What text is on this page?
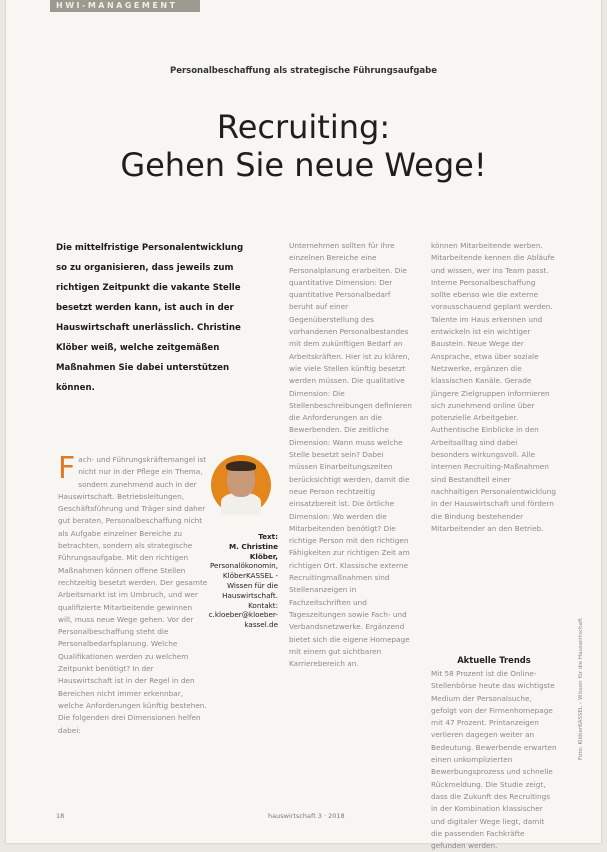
HWI-MANAGEMENT
Personalbeschaffung als strategische Führungsaufgabe
Recruiting:
Gehen Sie neue Wege!
Die mittelfristige Personalentwicklung so zu organisieren, dass jeweils zum richtigen Zeitpunkt die vakante Stelle besetzt werden kann, ist auch in der Hauswirtschaft unerlässlich. Christine Klöber weiß, welche zeitgemäßen Maßnahmen Sie dabei unterstützen können.

Fach- und Führungskräftemangel ist nicht nur in der Pflege ein Thema, sondern zunehmend auch in der Hauswirtschaft. Betriebsleitungen, Geschäftsführung und Träger sind daher gut beraten, Personalbeschaffung nicht als Aufgabe einzelner Bereiche zu betrachten, sondern als strategische Führungsaufgabe. Mit den richtigen Maßnahmen können offene Stellen rechtzeitig besetzt werden. Der gesamte Arbeitsmarkt ist im Umbruch, und wer qualifizierte Mitarbeitende gewinnen will, muss neue Wege gehen. Vor der Personalbeschaffung steht die Personalbedarfsplanung. Welche Qualifikationen werden zu welchem Zeitpunkt benötigt? In der Hauswirtschaft ist in der Regel in den Bereichen nicht immer erkennbar, welche Anforderungen künftig bestehen. Die folgenden drei Dimensionen helfen dabei:

Text:
M. Christine Klöber,
Personalökonomin, KlöberKASSEL - Wissen für die Hauswirtschaft.
Kontakt: c.kloeber@kloeber-kassel.de

Unternehmen sollten für ihre einzelnen Bereiche eine Personalplanung erarbeiten. Die quantitative Dimension: Der quantitative Personalbedarf beruht auf einer Gegenüberstellung des vorhandenen Personalbestandes mit dem zukünftigen Bedarf an Arbeitskräften. Hier ist zu klären, wie viele Stellen künftig besetzt werden müssen. Die qualitative Dimension: Die Stellenbeschreibungen definieren die Anforderungen an die Bewerbenden. Die zeitliche Dimension: Wann muss welche Stelle besetzt sein? Dabei müssen Einarbeitungszeiten berücksichtigt werden, damit die neue Person rechtzeitig einsatzbereit ist. Die örtliche Dimension: Wo werden die Mitarbeitenden benötigt? Die richtige Person mit den richtigen Fähigkeiten zur richtigen Zeit am richtigen Ort. Klassische externe Recruitingmaßnahmen sind Stellenanzeigen in Fachzeitschriften und Tageszeitungen sowie Fach- und Verbandsnetzwerke. Ergänzend bietet sich die eigene Homepage mit einem gut sichtbaren Karrierebereich an.

können Mitarbeitende werben. Mitarbeitende kennen die Abläufe und wissen, wer ins Team passt. Interne Personalbeschaffung sollte ebenso wie die externe vorausschauend geplant werden. Talente im Haus erkennen und entwickeln ist ein wichtiger Baustein. Neue Wege der Ansprache, etwa über soziale Netzwerke, ergänzen die klassischen Kanäle. Gerade jüngere Zielgruppen informieren sich zunehmend online über potenzielle Arbeitgeber. Authentische Einblicke in den Arbeitsalltag sind dabei besonders wirkungsvoll. Alle internen Recruiting-Maßnahmen sind Bestandteil einer nachhaltigen Personalentwicklung in der Hauswirtschaft und fördern die Bindung bestehender Mitarbeitender an den Betrieb.

Aktuelle Trends

Mit 58 Prozent ist die Online-Stellenbörse heute das wichtigste Medium der Personalsuche, gefolgt von der Firmenhomepage mit 47 Prozent. Printanzeigen verlieren dagegen weiter an Bedeutung. Bewerbende erwarten einen unkomplizierten Bewerbungsprozess und schnelle Rückmeldung. Die Studie zeigt, dass die Zukunft des Recruitings in der Kombination klassischer und digitaler Wege liegt, damit die passenden Fachkräfte gefunden werden.

Foto: KlöberKASSEL – Wissen für die Hauswirtschaft
18	hauswirtschaft 3 · 2018
